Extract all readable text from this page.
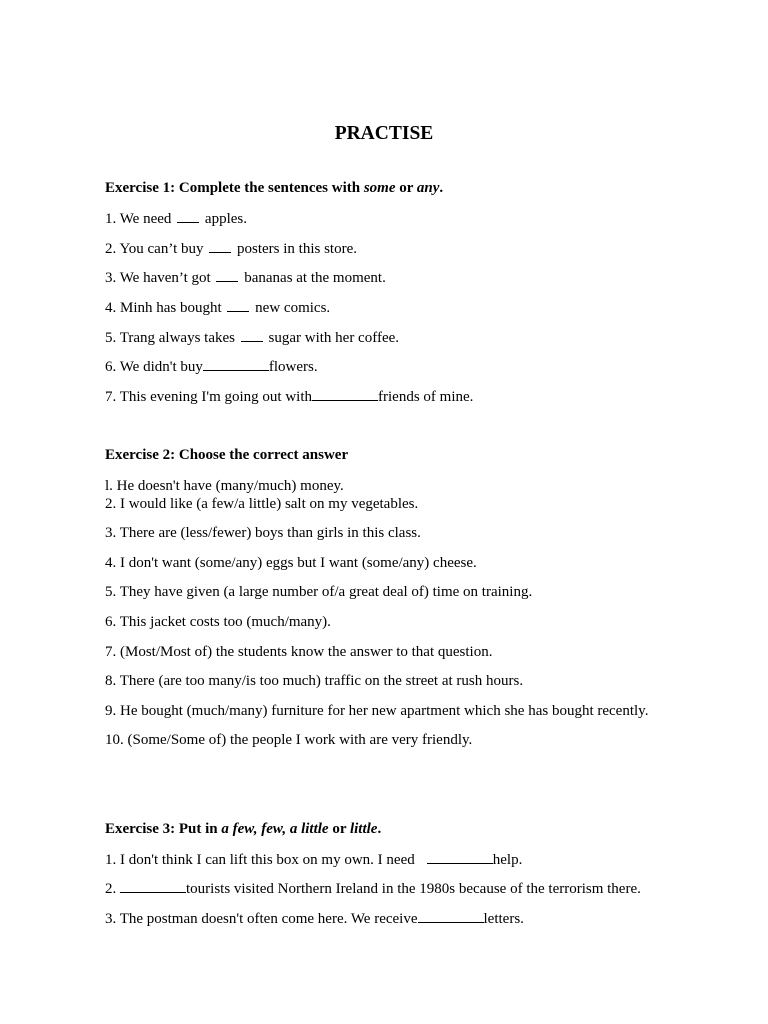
PRACTISE
Exercise 1: Complete the sentences with some or any.
1. We need apples.
2. You can’t buy posters in this store.
3. We haven’t got bananas at the moment.
4. Minh has bought new comics.
5. Trang always takes sugar with her coffee.
6. We didn't buy	flowers.
7. This evening I'm going out with	friends of mine.
Exercise 2: Choose the correct answer
l. He doesn't have (many/much) money.
2. I would like (a few/a little) salt on my vegetables.
3. There are (less/fewer) boys than girls in this class.
4. I don't want (some/any) eggs but I want (some/any) cheese.
5. They have given (a large number of/a great deal of) time on training.
6. This jacket costs too (much/many).
7. (Most/Most of) the students know the answer to that question.
8. There (are too many/is too much) traffic on the street at rush hours.
9. He bought (much/many) furniture for her new apartment which she has bought recently.
10. (Some/Some of) the people I work with are very friendly.
Exercise 3: Put in a few, few, a little or little.
1. I don't think I can lift this box on my own. I need	help.
2.	tourists visited Northern Ireland in the 1980s because of the terrorism there.
3. The postman doesn't often come here. We receive	letters.
